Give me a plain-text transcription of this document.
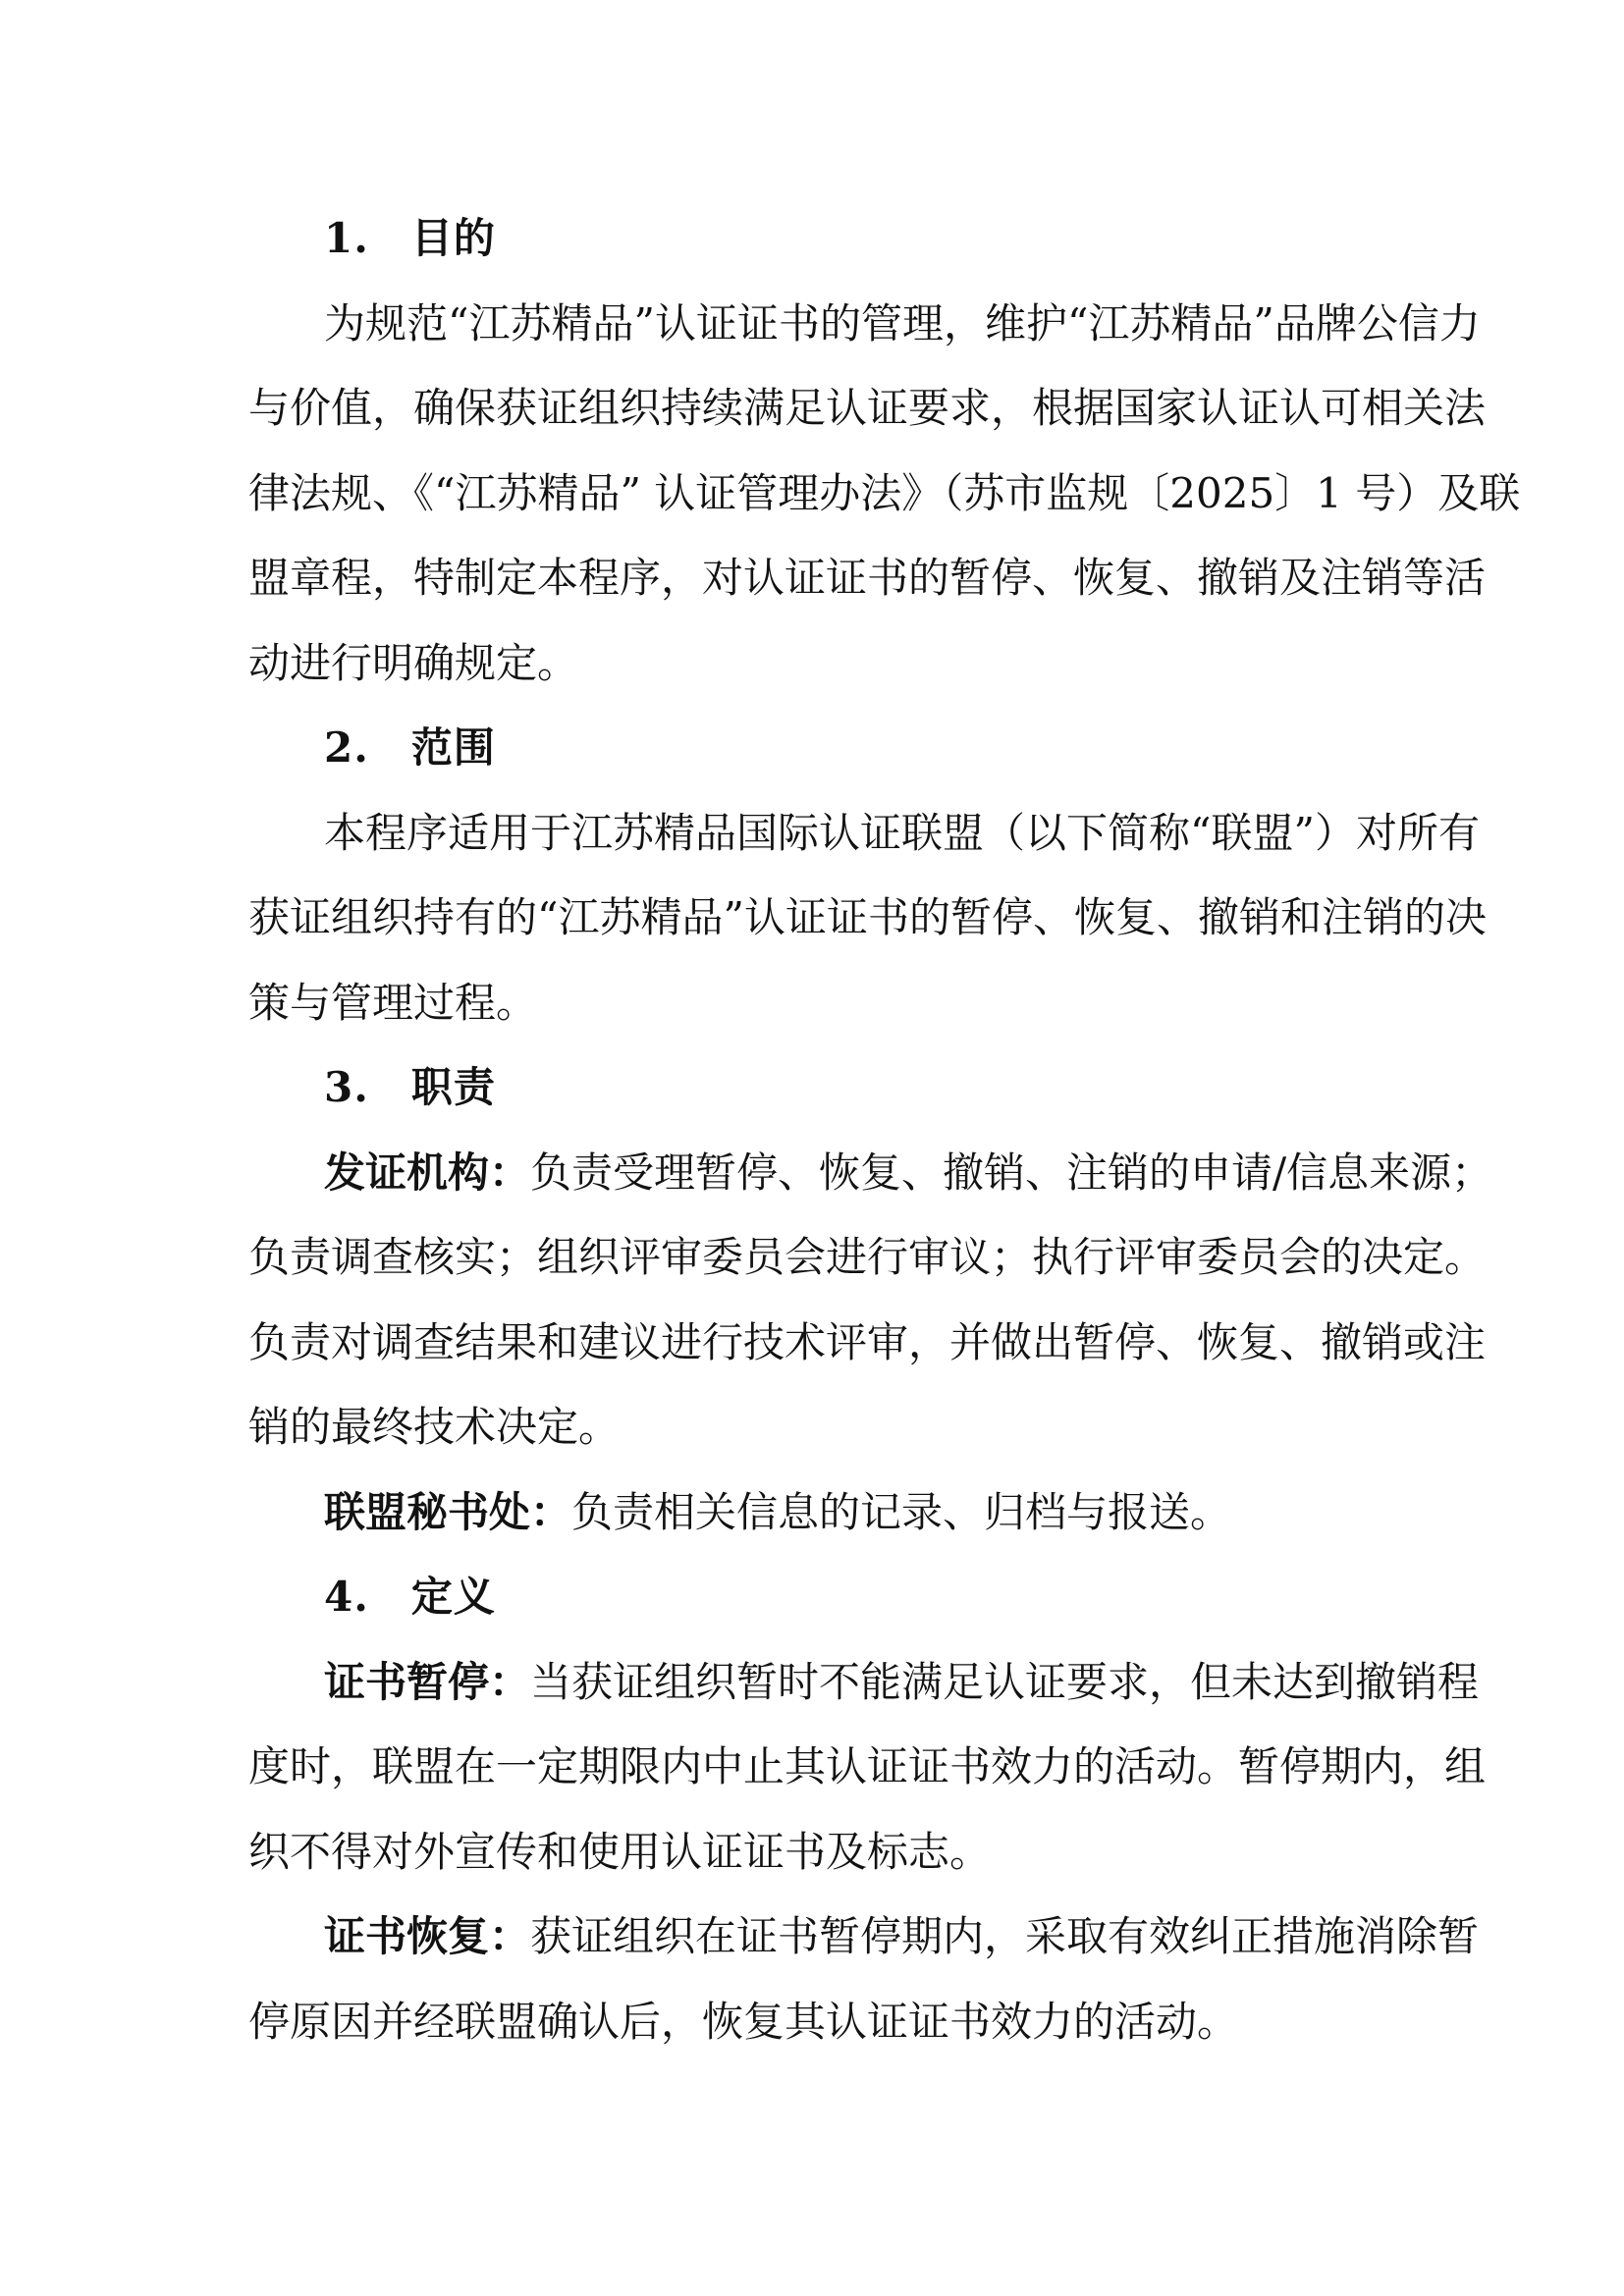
1.　目的
为规范“江苏精品”认证证书的管理，维护“江苏精品”品牌公信力
与价值，确保获证组织持续满足认证要求，根据国家认证认可相关法
律法规、《“江苏精品” 认证管理办法》（苏市监规〔2025〕1 号）及联
盟章程，特制定本程序，对认证证书的暂停、恢复、撤销及注销等活
动进行明确规定。
2.　范围
本程序适用于江苏精品国际认证联盟（以下简称“联盟”）对所有
获证组织持有的“江苏精品”认证证书的暂停、恢复、撤销和注销的决
策与管理过程。
3.　职责
发证机构：负责受理暂停、恢复、撤销、注销的申请/信息来源；
负责调查核实；组织评审委员会进行审议；执行评审委员会的决定。
负责对调查结果和建议进行技术评审，并做出暂停、恢复、撤销或注
销的最终技术决定。
联盟秘书处：负责相关信息的记录、归档与报送。
4.　定义
证书暂停：当获证组织暂时不能满足认证要求，但未达到撤销程
度时，联盟在一定期限内中止其认证证书效力的活动。暂停期内，组
织不得对外宣传和使用认证证书及标志。
证书恢复：获证组织在证书暂停期内，采取有效纠正措施消除暂
停原因并经联盟确认后，恢复其认证证书效力的活动。
